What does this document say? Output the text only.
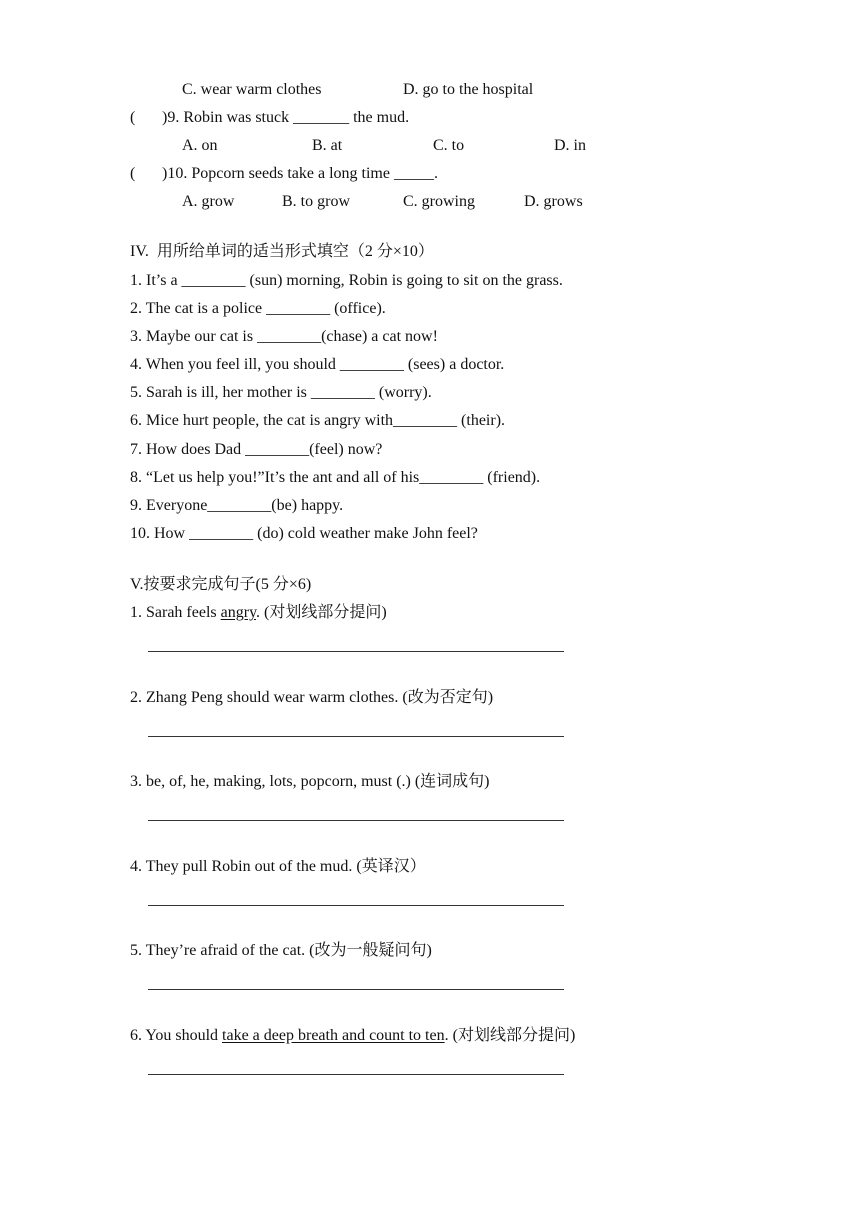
C. wear warm clothes	D. go to the hospital
( )9. Robin was stuck _______ the mud.
A. on	B. at	C. to	D. in
( )10. Popcorn seeds take a long time _____.
A. grow	B. to grow	C. growing	D. grows
IV.  用所给单词的适当形式填空（2 分×10）
1. It’s a ________ (sun) morning, Robin is going to sit on the grass.
2. The cat is a police ________ (office).
3. Maybe our cat is ________(chase) a cat now!
4. When you feel ill, you should ________ (sees) a doctor.
5. Sarah is ill, her mother is ________ (worry).
6. Mice hurt people, the cat is angry with________ (their).
7. How does Dad ________(feel) now?
8. “Let us help you!”It’s the ant and all of his________ (friend).
9. Everyone________(be) happy.
10. How ________ (do) cold weather make John feel?
V.按要求完成句子(5 分×6)
1. Sarah feels angry. (对划线部分提问)
2. Zhang Peng should wear warm clothes. (改为否定句)
3. be, of, he, making, lots, popcorn, must (.) (连词成句)
4. They pull Robin out of the mud. (英译汉）
5. They’re afraid of the cat. (改为一般疑问句)
6. You should take a deep breath and count to ten. (对划线部分提问)
